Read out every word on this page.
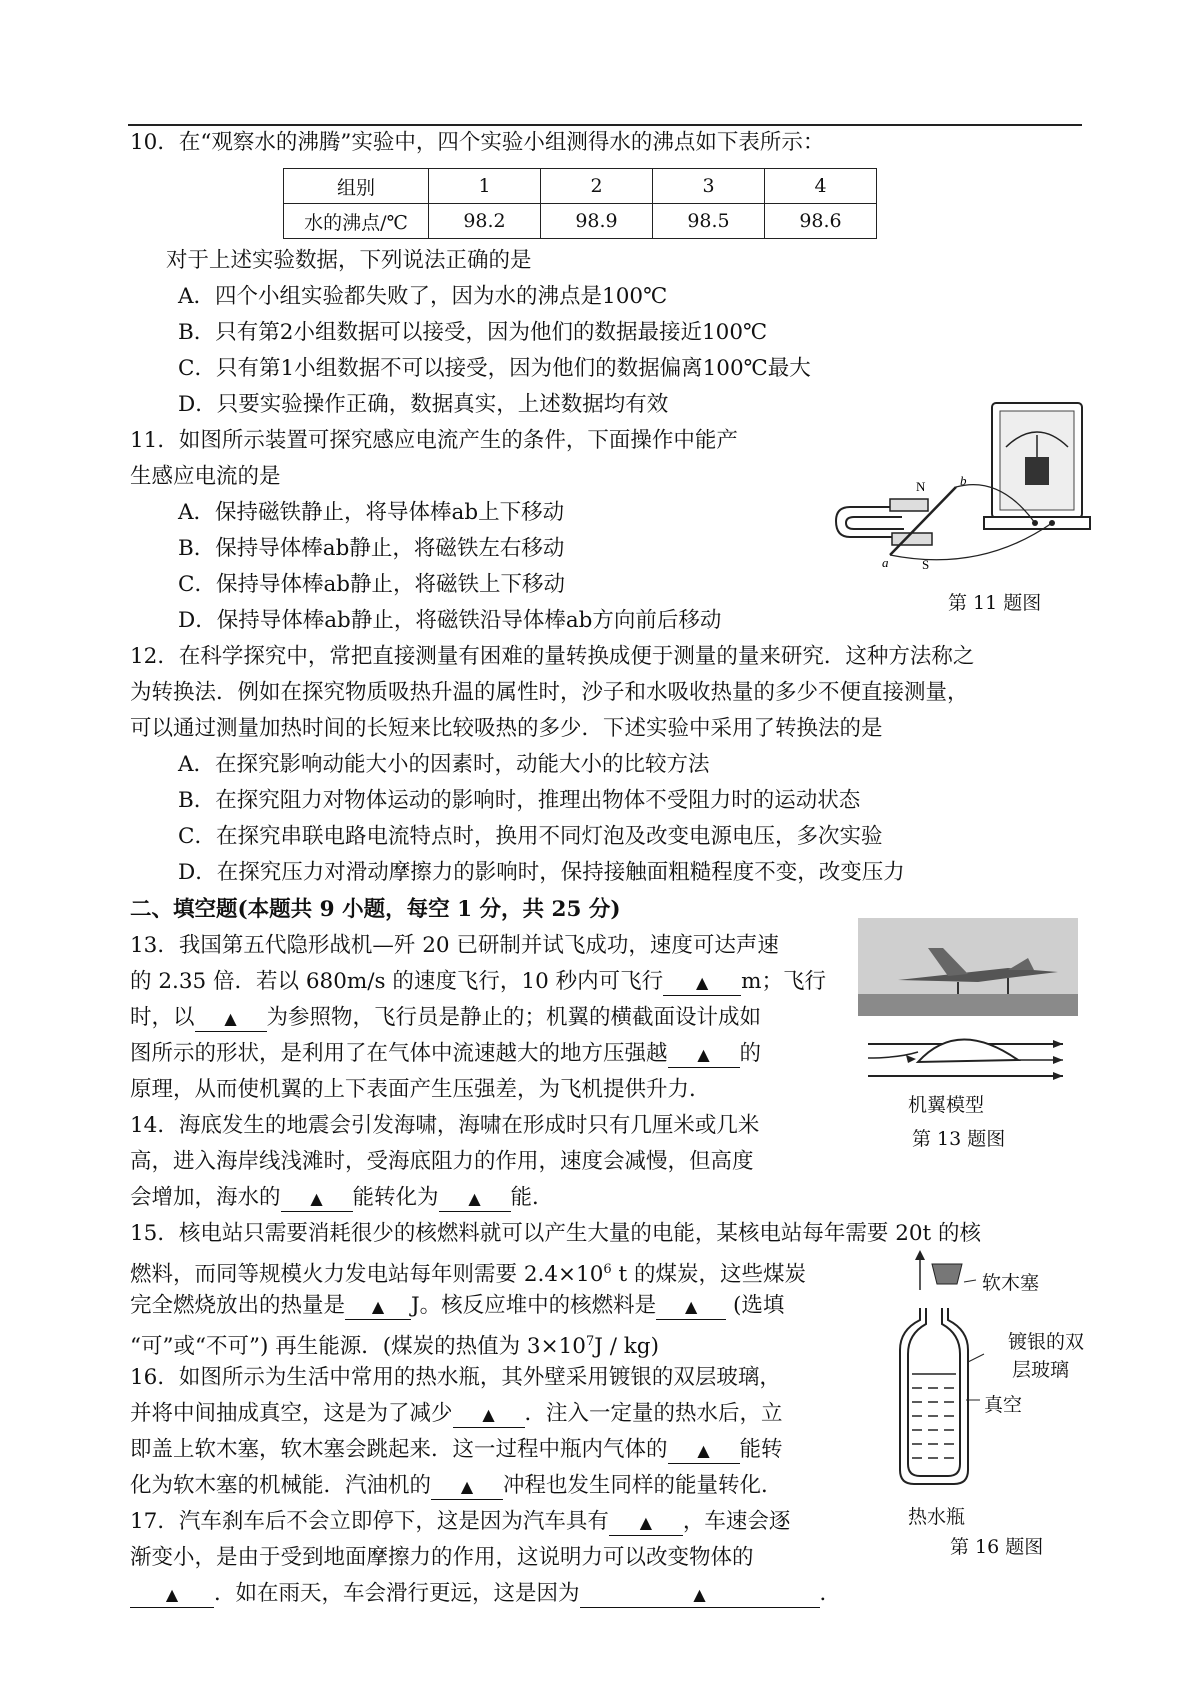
10．在“观察水的沸腾”实验中，四个实验小组测得水的沸点如下表所示：
组别	1	2	3	4
水的沸点/℃	98.2	98.9	98.5	98.6
对于上述实验数据，下列说法正确的是
A．四个小组实验都失败了，因为水的沸点是100℃
B．只有第2小组数据可以接受，因为他们的数据最接近100℃
C．只有第1小组数据不可以接受，因为他们的数据偏离100℃最大
D．只要实验操作正确，数据真实，上述数据均有效
11．如图所示装置可探究感应电流产生的条件，下面操作中能产
生感应电流的是
A．保持磁铁静止，将导体棒ab上下移动
B．保持导体棒ab静止，将磁铁左右移动
C．保持导体棒ab静止，将磁铁上下移动
D．保持导体棒ab静止，将磁铁沿导体棒ab方向前后移动
N
S
a
b
第 11 题图
12．在科学探究中，常把直接测量有困难的量转换成便于测量的量来研究．这种方法称之
为转换法．例如在探究物质吸热升温的属性时，沙子和水吸收热量的多少不便直接测量，
可以通过测量加热时间的长短来比较吸热的多少．下述实验中采用了转换法的是
A．在探究影响动能大小的因素时，动能大小的比较方法
B．在探究阻力对物体运动的影响时，推理出物体不受阻力时的运动状态
C．在探究串联电路电流特点时，换用不同灯泡及改变电源电压，多次实验
D．在探究压力对滑动摩擦力的影响时，保持接触面粗糙程度不变，改变压力
二、填空题(本题共 9 小题，每空 1 分，共 25 分)
13．我国第五代隐形战机—歼 20 已研制并试飞成功，速度可达声速
的 2.35 倍．若以 680m/s 的速度飞行，10 秒内可飞行 ▲ m；飞行
时，以 ▲ 为参照物，飞行员是静止的；机翼的横截面设计成如
图所示的形状，是利用了在气体中流速越大的地方压强越 ▲ 的
原理，从而使机翼的上下表面产生压强差，为飞机提供升力．
机翼模型
第 13 题图
14．海底发生的地震会引发海啸，海啸在形成时只有几厘米或几米
高，进入海岸线浅滩时，受海底阻力的作用，速度会减慢，但高度
会增加，海水的 ▲ 能转化为 ▲ 能．
15．核电站只需要消耗很少的核燃料就可以产生大量的电能，某核电站每年需要 20t 的核
燃料，而同等规模火力发电站每年则需要 $2.4\times 10^6$ t 的煤炭，这些煤炭
完全燃烧放出的热量是 ▲ J。核反应堆中的核燃料是 ▲ (选填
“可”或“不可”) 再生能源．(煤炭的热值为 $3\times 10^7J / kg$)
16．如图所示为生活中常用的热水瓶，其外壁采用镀银的双层玻璃，
并将中间抽成真空，这是为了减少 ▲ ．注入一定量的热水后，立
即盖上软木塞，软木塞会跳起来．这一过程中瓶内气体的 ▲ 能转
化为软木塞的机械能．汽油机的 ▲ 冲程也发生同样的能量转化．
软木塞
镀银的双
层玻璃
真空
热水瓶
第 16 题图
17．汽车刹车后不会立即停下，这是因为汽车具有 ▲ ，车速会逐
渐变小，是由于受到地面摩擦力的作用，这说明力可以改变物体的
▲ ．如在雨天，车会滑行更远，这是因为	▲	．
